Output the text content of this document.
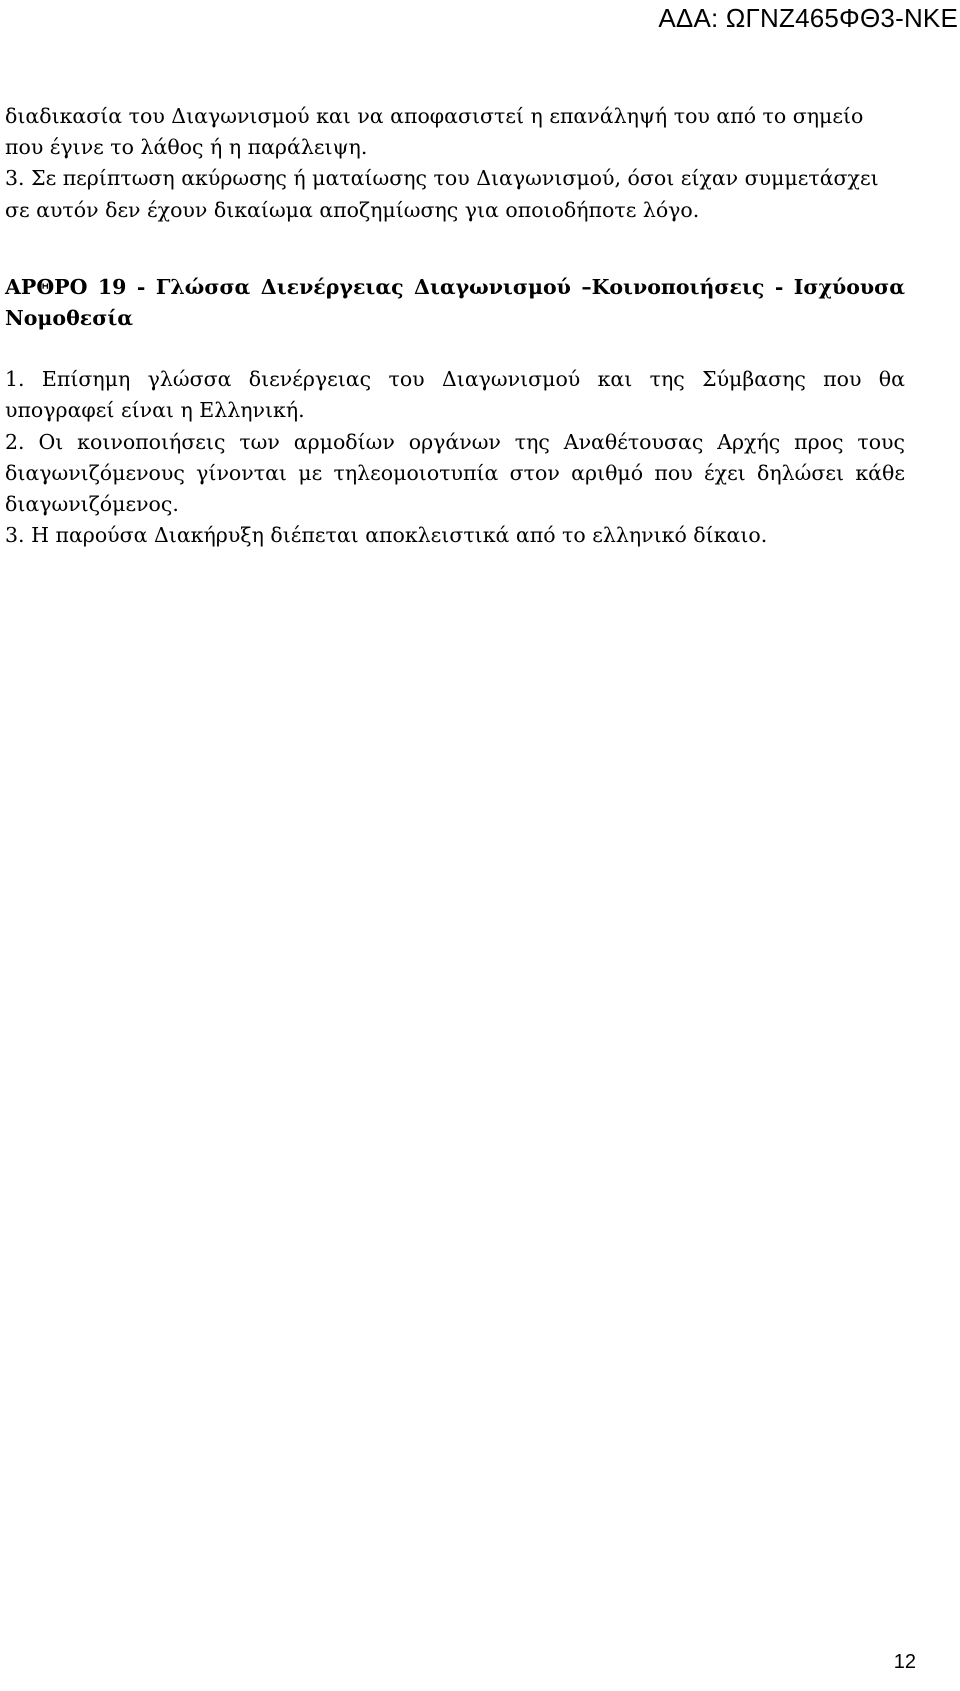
ΑΔΑ: ΩΓΝΖ465ΦΘ3-ΝΚΕ

διαδικασία του Διαγωνισμού και να αποφασιστεί η επανάληψή του από το σημείο που έγινε το λάθος ή η παράλειψη.

3. Σε περίπτωση ακύρωσης ή ματαίωσης του Διαγωνισμού, όσοι είχαν συμμετάσχει σε αυτόν δεν έχουν δικαίωμα αποζημίωσης για οποιοδήποτε λόγο.

ΑΡΘΡΟ 19 - Γλώσσα Διενέργειας Διαγωνισμού –Κοινοποιήσεις - Ισχύουσα Νομοθεσία

1. Επίσημη γλώσσα διενέργειας του Διαγωνισμού και της Σύμβασης που θα υπογραφεί είναι η Ελληνική.

2. Οι κοινοποιήσεις των αρμοδίων οργάνων της Αναθέτουσας Αρχής προς τους διαγωνιζόμενους γίνονται με τηλεομοιοτυπία στον αριθμό που έχει δηλώσει κάθε διαγωνιζόμενος.

3. Η παρούσα Διακήρυξη διέπεται αποκλειστικά από το ελληνικό δίκαιο.

12
